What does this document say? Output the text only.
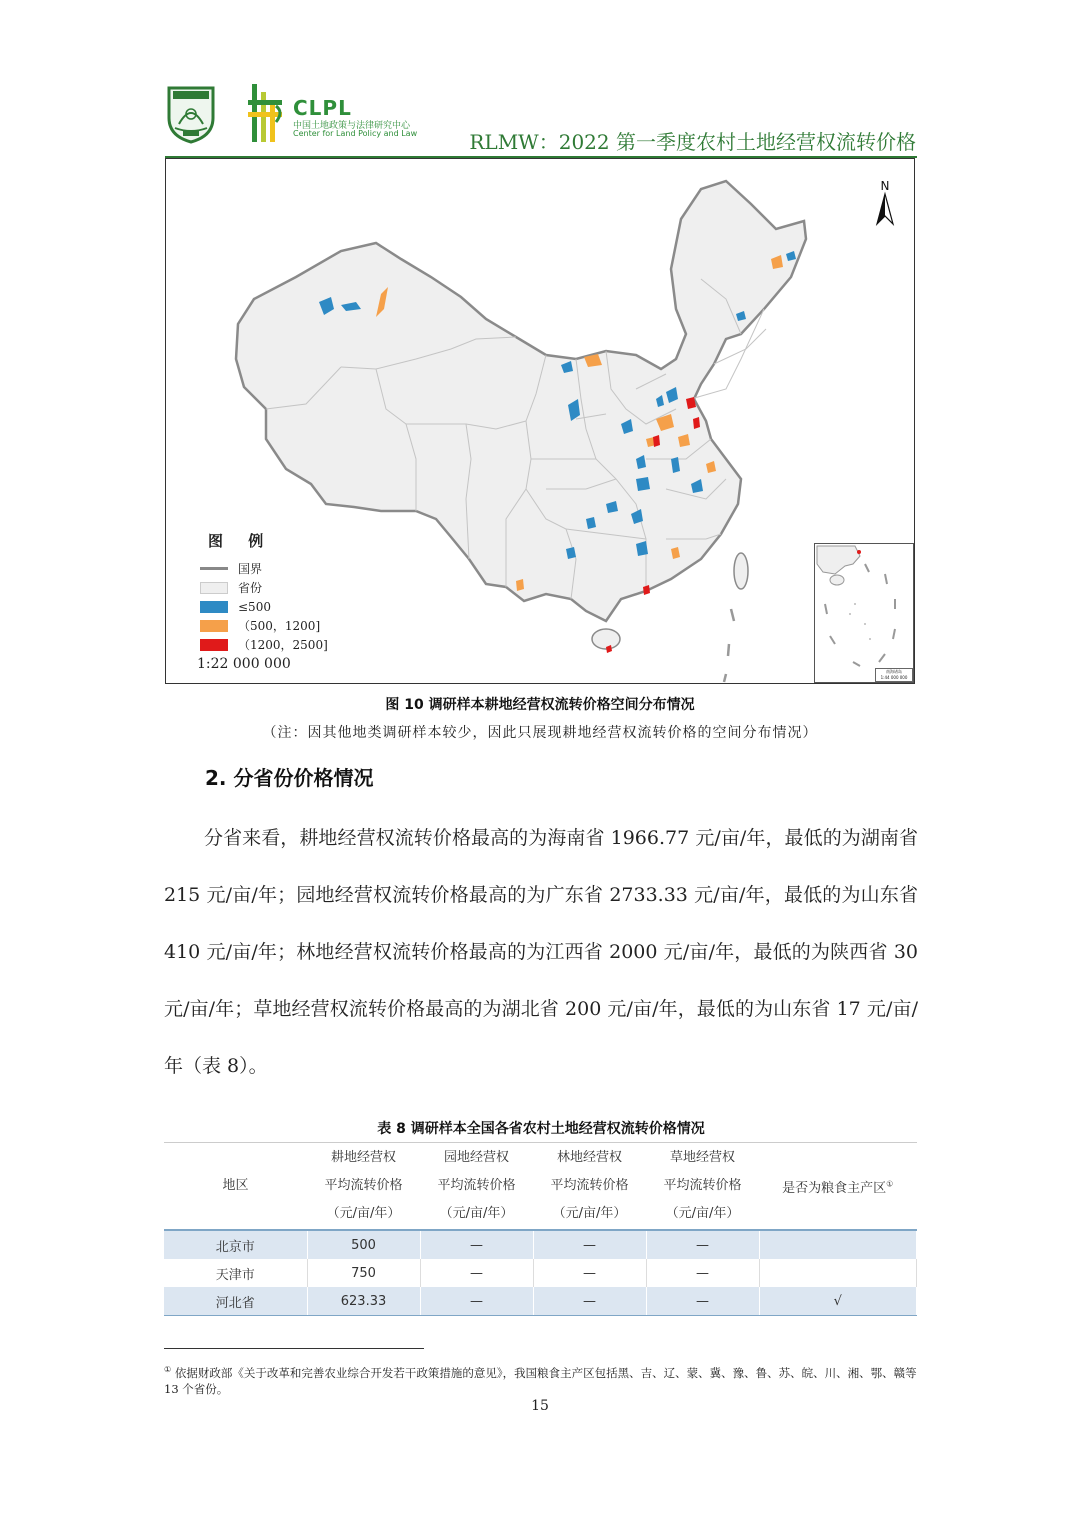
CLPL
中国土地政策与法律研究中心
Center for Land Policy and Law	RLMW：2022 第一季度农村土地经营权流转价格
N
图 例
国界
省份
≤500
（500，1200]
（1200，2500]
1:22 000 000	南海诸岛
1:44 000 000
图 10 调研样本耕地经营权流转价格空间分布情况
（注：因其他地类调研样本较少，因此只展现耕地经营权流转价格的空间分布情况）
2. 分省份价格情况

分省来看，耕地经营权流转价格最高的为海南省 1966.77 元/亩/年，最低的为湖南省 215 元/亩/年；园地经营权流转价格最高的为广东省 2733.33 元/亩/年，最低的为山东省 410 元/亩/年；林地经营权流转价格最高的为江西省 2000 元/亩/年，最低的为陕西省 30 元/亩/年；草地经营权流转价格最高的为湖北省 200 元/亩/年，最低的为山东省 17 元/亩/年（表 8）。

表 8 调研样本全国各省农村土地经营权流转价格情况
地区	耕地经营权
平均流转价格
（元/亩/年）	园地经营权
平均流转价格
（元/亩/年）	林地经营权
平均流转价格
（元/亩/年）	草地经营权
平均流转价格
（元/亩/年）	是否为粮食主产区①
北京市	500	—	—	—	
天津市	750	—	—	—	
河北省	623.33	—	—	—	√
① 依据财政部《关于改革和完善农业综合开发若干政策措施的意见》，我国粮食主产区包括黑、吉、辽、蒙、冀、豫、鲁、苏、皖、川、湘、鄂、赣等 13 个省份。
15
